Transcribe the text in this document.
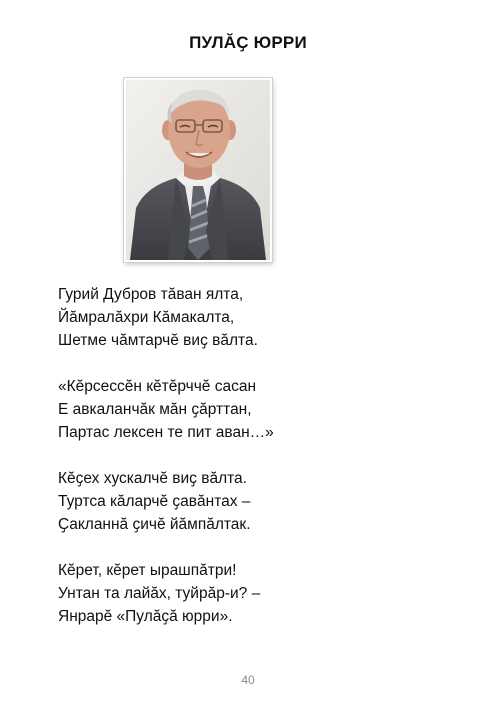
ПУЛĂҪ ЮРРИ
Гурий Дубров тăван ялта,
Йăмралăхри Кăмакалта,
Шетме чăмтарчĕ виҫ вăлта.
«Кĕрсессĕн кĕтĕрччĕ сасан
Е авкаланчăк мăн ҫăрттан,
Партас лексен те пит аван…»
Кĕҫех хускалчĕ виҫ вăлта.
Туртса кăларчĕ ҫавăнтах –
Ҫакланнă ҫичĕ йăмпăлтак.
Кĕрет, кĕрет ырашпăтри!
Унтан та лайăх, туйрăр-и? –
Янрарĕ «Пулăҫă юрри».
40
